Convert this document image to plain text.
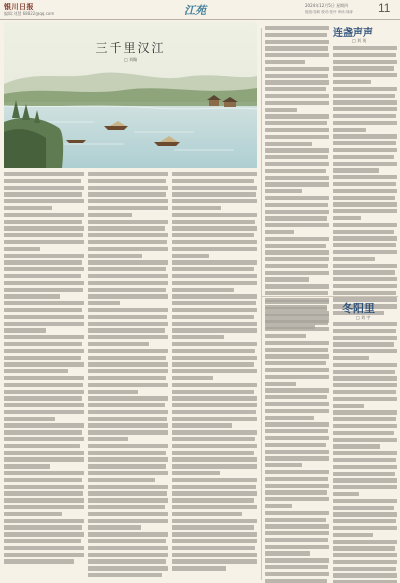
银川日报
编辑:刘慧 68822@qq.com	江苑	2024年12月5日 星期四
组版:邹莉 校对:张丹 审读:刘涛 11
三千里汉江
□ 刘翰
连盏声声
□ 刘 英
冬阳里
□ 刘 宇
